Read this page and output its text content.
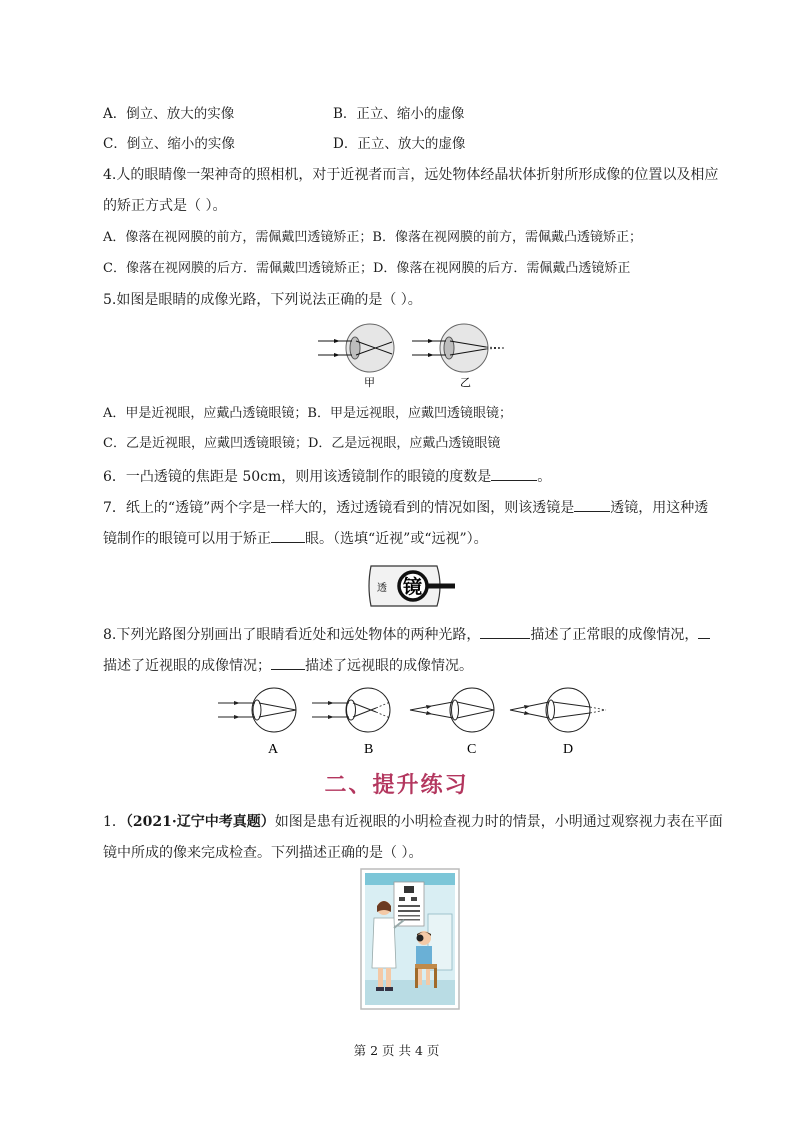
A．倒立、放大的实像	B．正立、缩小的虚像
C．倒立、缩小的实像	D．正立、放大的虚像
4.人的眼睛像一架神奇的照相机，对于近视者而言，远处物体经晶状体折射所形成像的位置以及相应
的矫正方式是（ ）。
A．像落在视网膜的前方，需佩戴凹透镜矫正；B．像落在视网膜的前方，需佩戴凸透镜矫正；
C．像落在视网膜的后方．需佩戴凹透镜矫正；D．像落在视网膜的后方．需佩戴凸透镜矫正
5.如图是眼睛的成像光路，下列说法正确的是（ ）。
甲	乙
A．甲是近视眼，应戴凸透镜眼镜；B．甲是远视眼，应戴凹透镜眼镜；
C．乙是近视眼，应戴凹透镜眼镜；D．乙是远视眼，应戴凸透镜眼镜
6．一凸透镜的焦距是 50cm，则用该透镜制作的眼镜的度数是	。
7．纸上的“透镜”两个字是一样大的，透过透镜看到的情况如图，则该透镜是	透镜，用这种透
镜制作的眼镜可以用于矫正 眼。（选填“近视”或“远视”）。
透 镜
8.下列光路图分别画出了眼睛看近处和远处物体的两种光路，	描述了正常眼的成像情况，
描述了近视眼的成像情况； 描述了远视眼的成像情况。
A	B	C	D
二、提升练习
1．（2021·辽宁中考真题）如图是患有近视眼的小明检查视力时的情景，小明通过观察视力表在平面
镜中所成的像来完成检查。下列描述正确的是（ ）。
第 2 页 共 4 页
